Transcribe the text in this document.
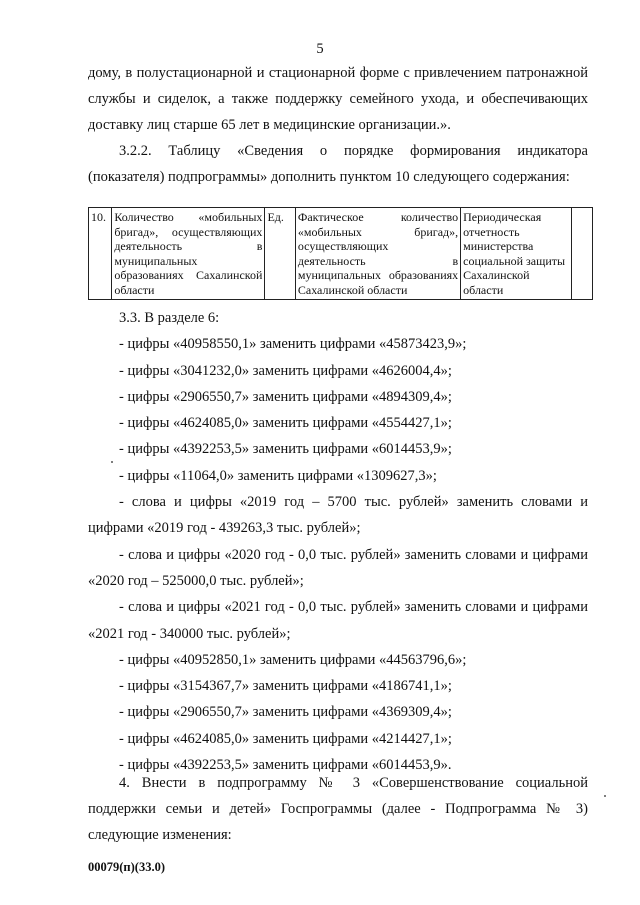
5

дому, в полустационарной и стационарной форме с привлечением патронажной службы и сиделок, а также поддержку семейного ухода, и обеспечивающих доставку лиц старше 65 лет в медицинские организации.».

3.2.2. Таблицу «Сведения о порядке формирования индикатора (показателя) подпрограммы» дополнить пунктом 10 следующего содержания:

10.	Количество «мобильных бригад», осуществляющих деятельность в муниципальных образованиях Сахалинской области	Ед.	Фактическое количество «мобильных бригад», осуществляющих деятельность в муниципальных образованиях Сахалинской области	Периодическая отчетность министерства социальной защиты Сахалинской области	

3.3. В разделе 6:

- цифры «40958550,1» заменить цифрами «45873423,9»;

- цифры «3041232,0» заменить цифрами «4626004,4»;

- цифры «2906550,7» заменить цифрами «4894309,4»;

- цифры «4624085,0» заменить цифрами «4554427,1»;

- цифры «4392253,5» заменить цифрами «6014453,9»;

- цифры «11064,0» заменить цифрами «1309627,3»;

- слова и цифры «2019 год – 5700 тыс. рублей» заменить словами и цифрами «2019 год - 439263,3 тыс. рублей»;

- слова и цифры «2020 год - 0,0 тыс. рублей» заменить словами и цифрами «2020 год – 525000,0 тыс. рублей»;

- слова и цифры «2021 год - 0,0 тыс. рублей» заменить словами и цифрами «2021 год - 340000 тыс. рублей»;

- цифры «40952850,1» заменить цифрами «44563796,6»;

- цифры «3154367,7» заменить цифрами «4186741,1»;

- цифры «2906550,7» заменить цифрами «4369309,4»;

- цифры «4624085,0» заменить цифрами «4214427,1»;

- цифры «4392253,5» заменить цифрами «6014453,9».

4. Внести в подпрограмму № 3 «Совершенствование социальной поддержки семьи и детей» Госпрограммы (далее - Подпрограмма № 3) следующие изменения:

00079(п)(33.0)
